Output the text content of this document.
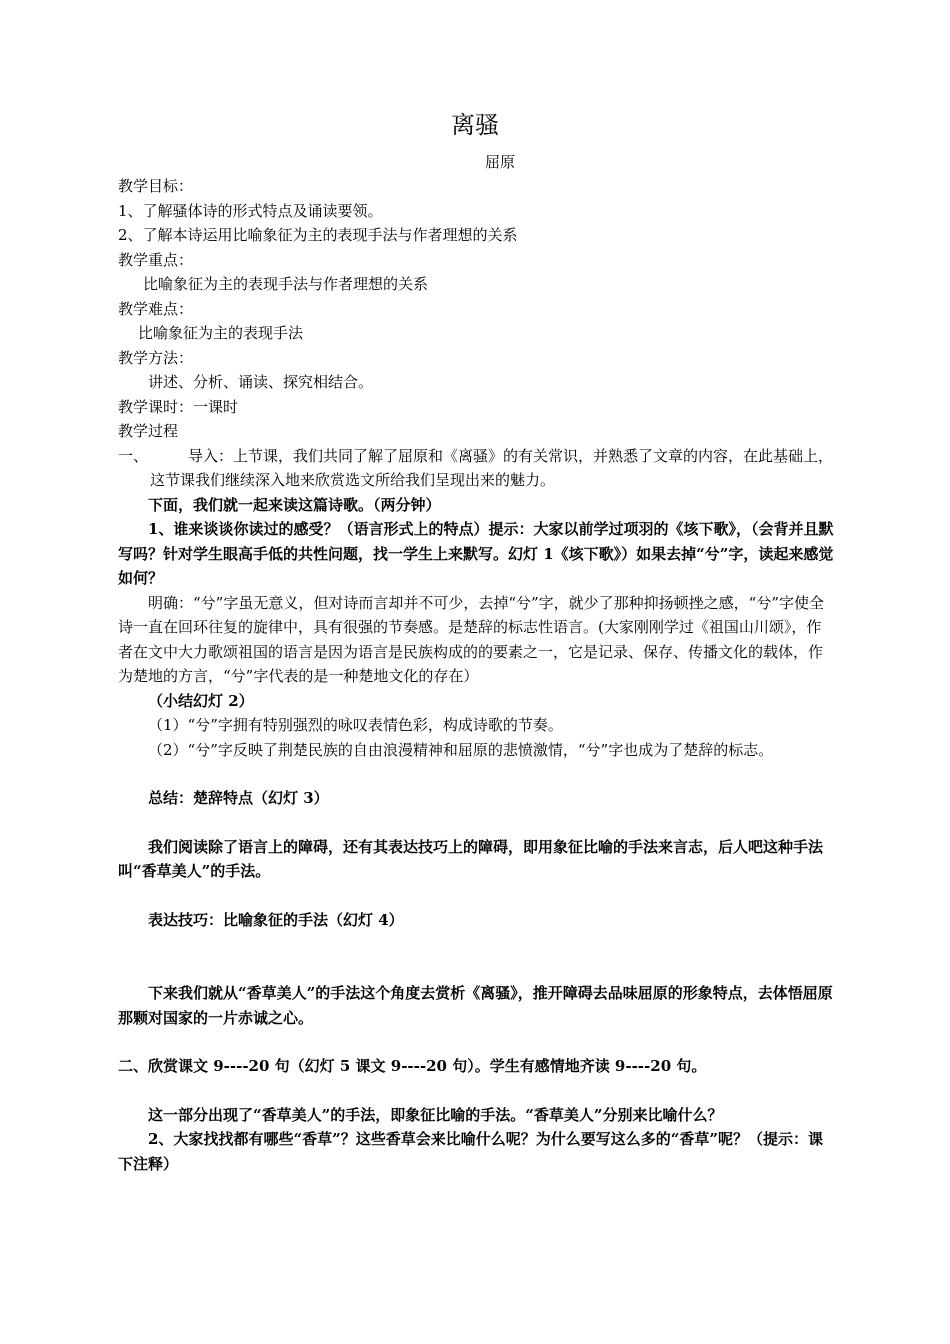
离骚
屈原

教学目标：

1、了解骚体诗的形式特点及诵读要领。

2、了解本诗运用比喻象征为主的表现手法与作者理想的关系

教学重点：

比喻象征为主的表现手法与作者理想的关系

教学难点：

比喻象征为主的表现手法

教学方法：

讲述、分析、诵读、探究相结合。

教学课时：一课时

教学过程

一、	导入：上节课，我们共同了解了屈原和《离骚》的有关常识，并熟悉了文章的内容，在此基础上，这节课我们继续深入地来欣赏选文所给我们呈现出来的魅力。

下面，我们就一起来读这篇诗歌。（两分钟）

1、谁来谈谈你读过的感受？（语言形式上的特点）提示：大家以前学过项羽的《垓下歌》，（会背并且默写吗？针对学生眼高手低的共性问题，找一学生上来默写。幻灯 1《垓下歌》）如果去掉“兮”字，读起来感觉如何？

明确：“兮”字虽无意义，但对诗而言却并不可少，去掉“兮”字，就少了那种抑扬顿挫之感，“兮”字使全诗一直在回环往复的旋律中，具有很强的节奏感。是楚辞的标志性语言。(大家刚刚学过《祖国山川颂》，作者在文中大力歌颂祖国的语言是因为语言是民族构成的的要素之一，它是记录、保存、传播文化的载体，作为楚地的方言，“兮”字代表的是一种楚地文化的存在）

（小结幻灯 2）

（1）“兮”字拥有特别强烈的咏叹表情色彩，构成诗歌的节奏。

（2）“兮”字反映了荆楚民族的自由浪漫精神和屈原的悲愤激情，“兮”字也成为了楚辞的标志。

总结：楚辞特点（幻灯 3）

我们阅读除了语言上的障碍，还有其表达技巧上的障碍，即用象征比喻的手法来言志，后人吧这种手法叫“香草美人”的手法。

表达技巧：比喻象征的手法（幻灯 4）

下来我们就从“香草美人”的手法这个角度去赏析《离骚》，推开障碍去品味屈原的形象特点，去体悟屈原那颗对国家的一片赤诚之心。

二、欣赏课文 9----20 句（幻灯 5 课文 9----20 句）。学生有感情地齐读 9----20 句。

这一部分出现了“香草美人”的手法，即象征比喻的手法。“香草美人”分别来比喻什么？

2、大家找找都有哪些“香草”？这些香草会来比喻什么呢？为什么要写这么多的“香草”呢？（提示：课下注释）
